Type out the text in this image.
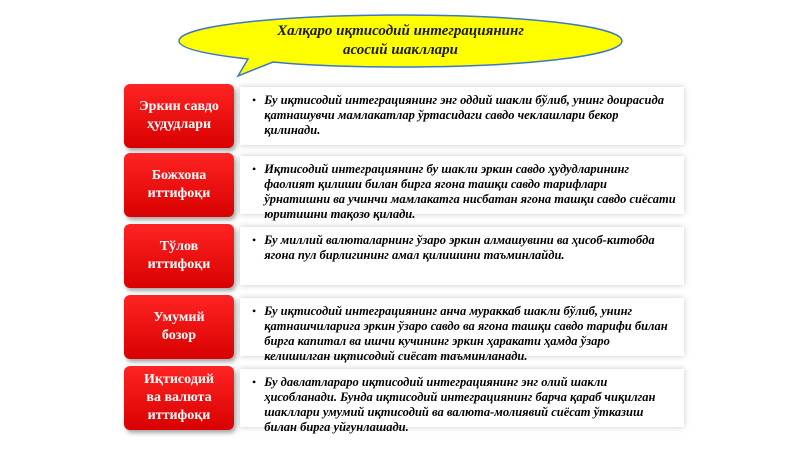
Халқаро иқтисодий интеграциянинг
асосий шакллари
Эркин савдо
ҳудудлари
• Бу иқтисодий интеграциянинг энг оддий шакли бўлиб, унинг доирасида қатнашувчи мамлакатлар ўртасидаги савдо чеклашлари бекор қилинади.
Божхона
иттифоқи
• Иқтисодий интеграциянинг бу шакли эркин савдо ҳудудларининг фаолият қилиши билан бирга ягона ташқи савдо тарифлари ўрнатишни ва учинчи мамлакатга нисбатан ягона ташқи савдо сиёсати юритишни тақозо қилади.
Тўлов
иттифоқи
• Бу миллий валюталарнинг ўзаро эркин алмашувини ва ҳисоб-китобда ягона пул бирлигининг амал қилишини таъминлайди.
Умумий
бозор
• Бу иқтисодий интеграциянинг анча мураккаб шакли бўлиб, унинг қатнашчиларига эркин ўзаро савдо ва ягона ташқи савдо тарифи билан бирга капитал ва ишчи кучининг эркин ҳаракати ҳамда ўзаро келишилган иқтисодий сиёсат таъминланади.
Иқтисодий
ва валюта иттифоқи
• Бу давлатлараро иқтисодий интеграциянинг энг олий шакли ҳисобланади. Бунда иқтисодий интеграциянинг барча қараб чиқилган шакллари умумий иқтисодий ва валюта-молиявий сиёсат ўтказиш билан бирга уйғунлашади.
